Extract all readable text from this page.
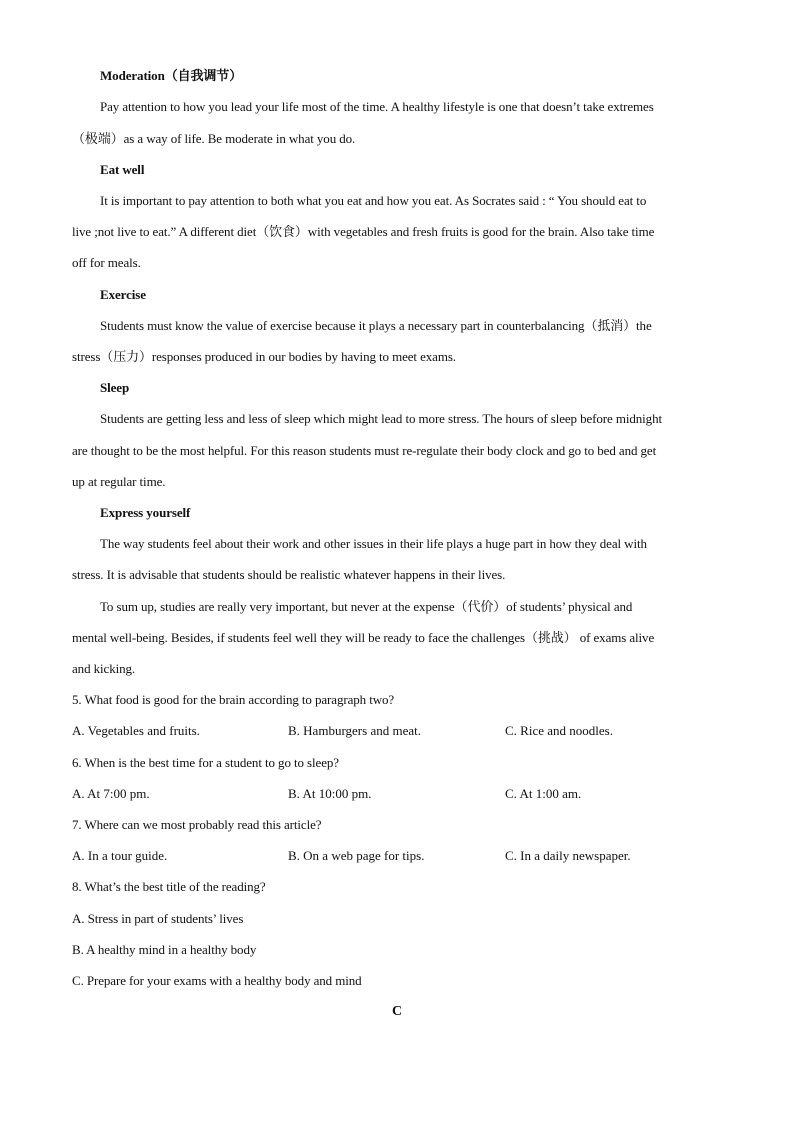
Moderation（自我调节）
Pay attention to how you lead your life most of the time. A healthy lifestyle is one that doesn’t take extremes
（极端）as a way of life. Be moderate in what you do.
Eat well
It is important to pay attention to both what you eat and how you eat. As Socrates said : “ You should eat to
live ;not live to eat.” A different diet（饮食）with vegetables and fresh fruits is good for the brain. Also take time
off for meals.
Exercise
Students must know the value of exercise because it plays a necessary part in counterbalancing（抵消）the
stress（压力）responses produced in our bodies by having to meet exams.
Sleep
Students are getting less and less of sleep which might lead to more stress. The hours of sleep before midnight
are thought to be the most helpful. For this reason students must re-regulate their body clock and go to bed and get
up at regular time.
Express yourself
The way students feel about their work and other issues in their life plays a huge part in how they deal with
stress. It is advisable that students should be realistic whatever happens in their lives.
To sum up, studies are really very important, but never at the expense（代价）of students’ physical and
mental well-being. Besides, if students feel well they will be ready to face the challenges（挑战） of exams alive
and kicking.
5. What food is good for the brain according to paragraph two?
A. Vegetables and fruits.	B. Hamburgers and meat.	C. Rice and noodles.
6. When is the best time for a student to go to sleep?
A. At 7:00 pm.	B. At 10:00 pm.	C. At 1:00 am.
7. Where can we most probably read this article?
A. In a tour guide.	B. On a web page for tips.	C. In a daily newspaper.
8. What’s the best title of the reading?
A. Stress in part of students’ lives
B. A healthy mind in a healthy body
C. Prepare for your exams with a healthy body and mind
C
